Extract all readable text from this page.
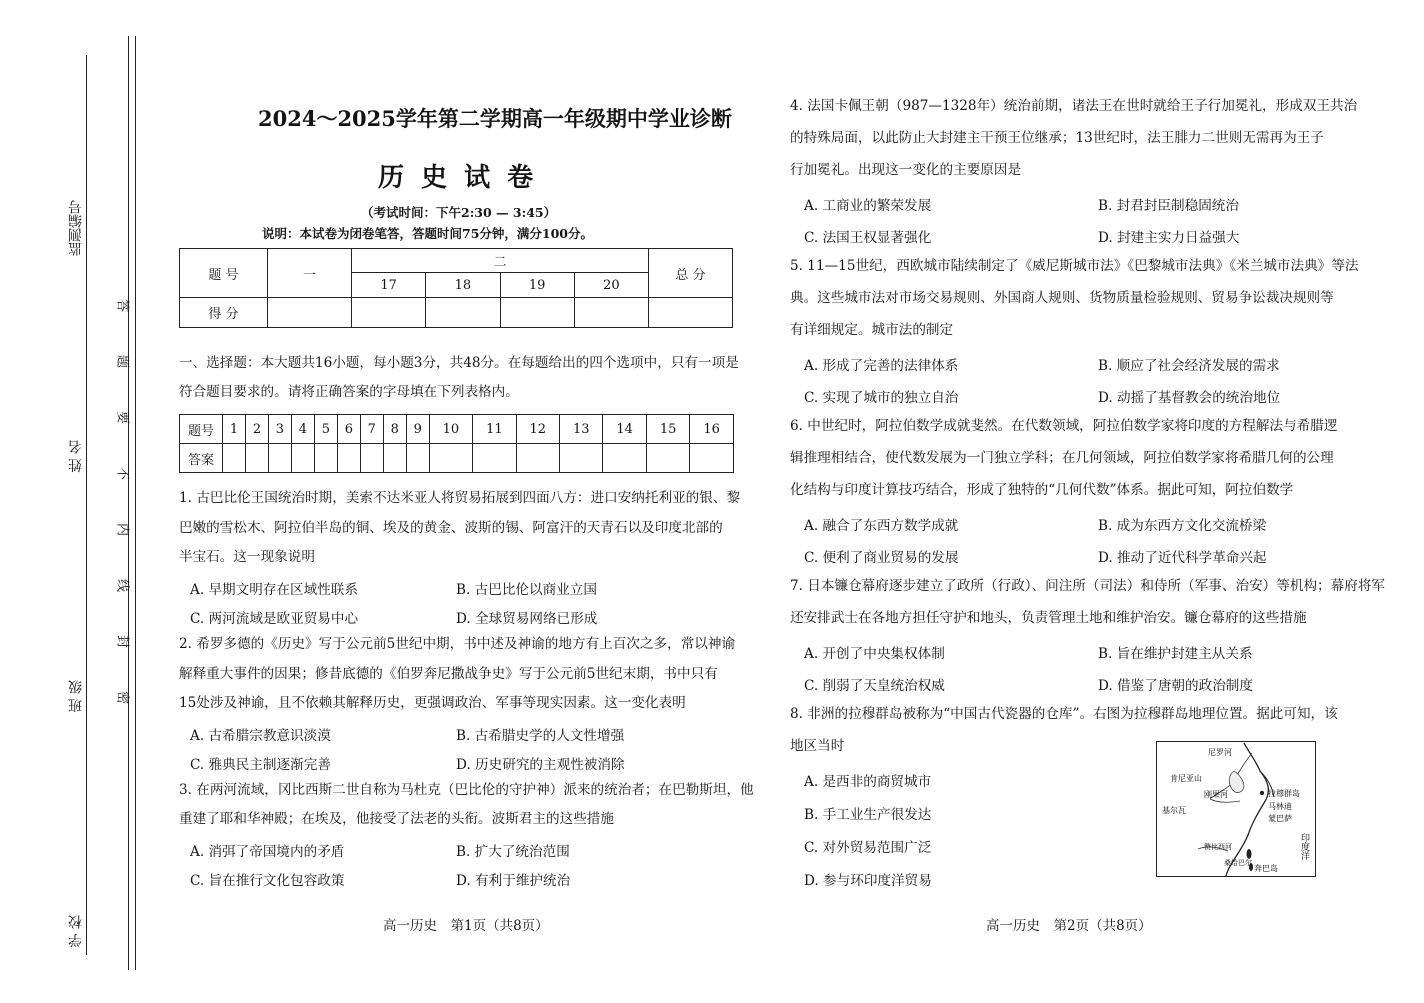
监测编号
姓 名
班 级
学 校
答
题
要
不
内
线
封
密
2024～2025学年第二学期高一年级期中学业诊断
历 史 试 卷
（考试时间：下午2:30 — 3:45）
说明：本试卷为闭卷笔答，答题时间75分钟，满分100分。
题 号	一	二				总 分
		17	18	19	20	
得 分						
一、选择题：本大题共16小题，每小题3分，共48分。在每题给出的四个选项中，只有一项是
符合题目要求的。请将正确答案的字母填在下列表格内。
题号	1	2	3	4	5	6	7	8	9	10	11	12	13	14	15	16
答案																
1. 古巴比伦王国统治时期，美索不达米亚人将贸易拓展到四面八方：进口安纳托利亚的银、黎
巴嫩的雪松木、阿拉伯半岛的铜、埃及的黄金、波斯的锡、阿富汗的天青石以及印度北部的
半宝石。这一现象说明
A. 早期文明存在区域性联系	B. 古巴比伦以商业立国
C. 两河流域是欧亚贸易中心	D. 全球贸易网络已形成
2. 希罗多德的《历史》写于公元前5世纪中期，书中述及神谕的地方有上百次之多，常以神谕
解释重大事件的因果；修昔底德的《伯罗奔尼撒战争史》写于公元前5世纪末期，书中只有
15处涉及神谕，且不依赖其解释历史，更强调政治、军事等现实因素。这一变化表明
A. 古希腊宗教意识淡漠	B. 古希腊史学的人文性增强
C. 雅典民主制逐渐完善	D. 历史研究的主观性被消除
3. 在两河流域，冈比西斯二世自称为马杜克（巴比伦的守护神）派来的统治者；在巴勒斯坦，他
重建了耶和华神殿；在埃及，他接受了法老的头衔。波斯君主的这些措施
A. 消弭了帝国境内的矛盾	B. 扩大了统治范围
C. 旨在推行文化包容政策	D. 有利于维护统治
高一历史　第1页（共8页）
4. 法国卡佩王朝（987—1328年）统治前期，诸法王在世时就给王子行加冕礼，形成双王共治
的特殊局面，以此防止大封建主干预王位继承；13世纪时，法王腓力二世则无需再为王子
行加冕礼。出现这一变化的主要原因是
A. 工商业的繁荣发展	B. 封君封臣制稳固统治
C. 法国王权显著强化	D. 封建主实力日益强大
5. 11—15世纪，西欧城市陆续制定了《威尼斯城市法》《巴黎城市法典》《米兰城市法典》等法
典。这些城市法对市场交易规则、外国商人规则、货物质量检验规则、贸易争讼裁决规则等
有详细规定。城市法的制定
A. 形成了完善的法律体系	B. 顺应了社会经济发展的需求
C. 实现了城市的独立自治	D. 动摇了基督教会的统治地位
6. 中世纪时，阿拉伯数学成就斐然。在代数领域，阿拉伯数学家将印度的方程解法与希腊逻
辑推理相结合，使代数发展为一门独立学科；在几何领域，阿拉伯数学家将希腊几何的公理
化结构与印度计算技巧结合，形成了独特的“几何代数”体系。据此可知，阿拉伯数学
A. 融合了东西方数学成就	B. 成为东西方文化交流桥梁
C. 便利了商业贸易的发展	D. 推动了近代科学革命兴起
7. 日本镰仓幕府逐步建立了政所（行政）、问注所（司法）和侍所（军事、治安）等机构；幕府将军
还安排武士在各地方担任守护和地头，负责管理土地和维护治安。镰仓幕府的这些措施
A. 开创了中央集权体制	B. 旨在维护封建主从关系
C. 削弱了天皇统治权威	D. 借鉴了唐朝的政治制度
8. 非洲的拉穆群岛被称为“中国古代瓷器的仓库”。右图为拉穆群岛地理位置。据此可知，该
地区当时
A. 是西非的商贸城市
B. 手工业生产很发达
C. 对外贸易范围广泛
D. 参与环印度洋贸易
尼罗河
肯尼亚山
刚果河	拉穆群岛
马林迪
蒙巴萨
基尔瓦
赞比西河
桑给巴尔
奔巴岛
印度洋
高一历史　第2页（共8页）
